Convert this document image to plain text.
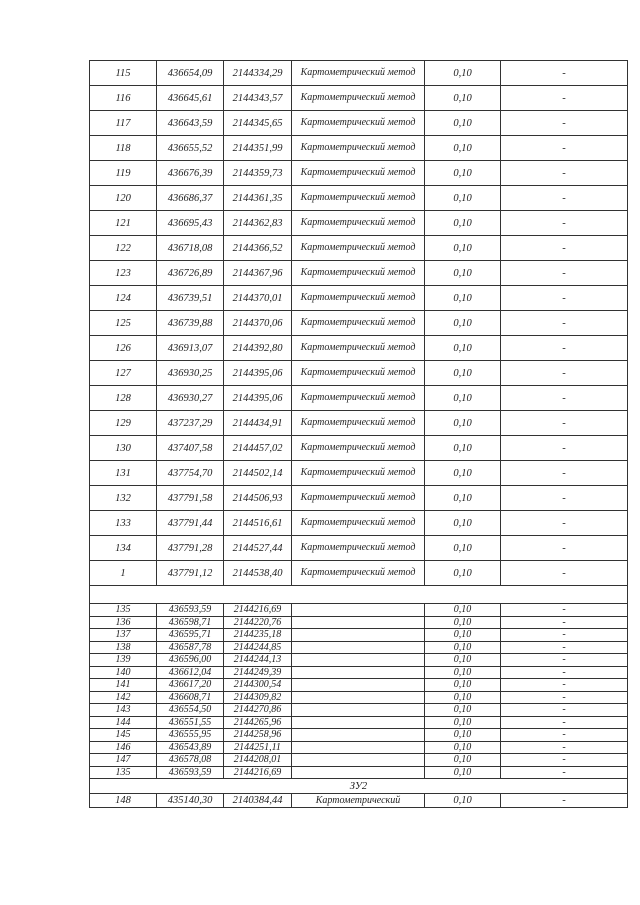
115	436654,09	2144334,29	Картометрический метод	0,10	-
116	436645,61	2144343,57	Картометрический метод	0,10	-
117	436643,59	2144345,65	Картометрический метод	0,10	-
118	436655,52	2144351,99	Картометрический метод	0,10	-
119	436676,39	2144359,73	Картометрический метод	0,10	-
120	436686,37	2144361,35	Картометрический метод	0,10	-
121	436695,43	2144362,83	Картометрический метод	0,10	-
122	436718,08	2144366,52	Картометрический метод	0,10	-
123	436726,89	2144367,96	Картометрический метод	0,10	-
124	436739,51	2144370,01	Картометрический метод	0,10	-
125	436739,88	2144370,06	Картометрический метод	0,10	-
126	436913,07	2144392,80	Картометрический метод	0,10	-
127	436930,25	2144395,06	Картометрический метод	0,10	-
128	436930,27	2144395,06	Картометрический метод	0,10	-
129	437237,29	2144434,91	Картометрический метод	0,10	-
130	437407,58	2144457,02	Картометрический метод	0,10	-
131	437754,70	2144502,14	Картометрический метод	0,10	-
132	437791,58	2144506,93	Картометрический метод	0,10	-
133	437791,44	2144516,61	Картометрический метод	0,10	-
134	437791,28	2144527,44	Картометрический метод	0,10	-
1	437791,12	2144538,40	Картометрический метод	0,10	-

135	436593,59	2144216,69		0,10	-
136	436598,71	2144220,76		0,10	-
137	436595,71	2144235,18		0,10	-
138	436587,78	2144244,85		0,10	-
139	436596,00	2144244,13		0,10	-
140	436612,04	2144249,39		0,10	-
141	436617,20	2144300,54		0,10	-
142	436608,71	2144309,82		0,10	-
143	436554,50	2144270,86		0,10	-
144	436551,55	2144265,96		0,10	-
145	436555,95	2144258,96		0,10	-
146	436543,89	2144251,11		0,10	-
147	436578,08	2144208,01		0,10	-
135	436593,59	2144216,69		0,10	-
ЗУ2					
148	435140,30	2140384,44	Картометрический	0,10	-
